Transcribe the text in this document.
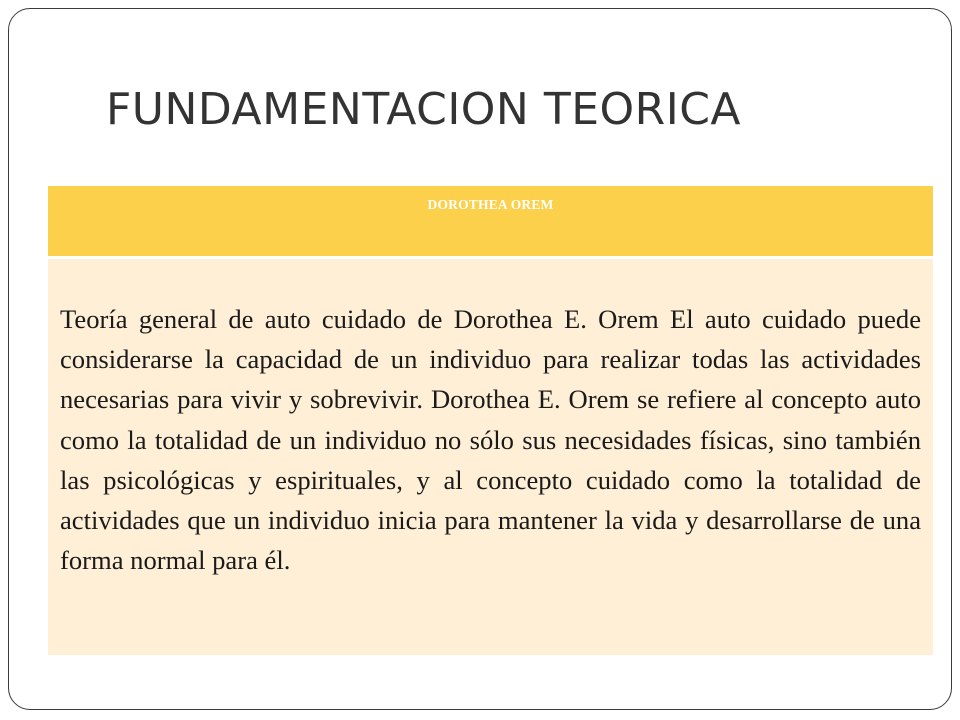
FUNDAMENTACION TEORICA
DOROTHEA OREM

Teoría general de auto cuidado de Dorothea E. Orem El auto cuidado puede considerarse la capacidad de un individuo para realizar todas las actividades necesarias para vivir y sobrevivir. Dorothea E. Orem se refiere al concepto auto como la totalidad de un individuo no sólo sus necesidades físicas, sino también las psicológicas y espirituales, y al concepto cuidado como la totalidad de actividades que un individuo inicia para mantener la vida y desarrollarse de una forma normal para él.
